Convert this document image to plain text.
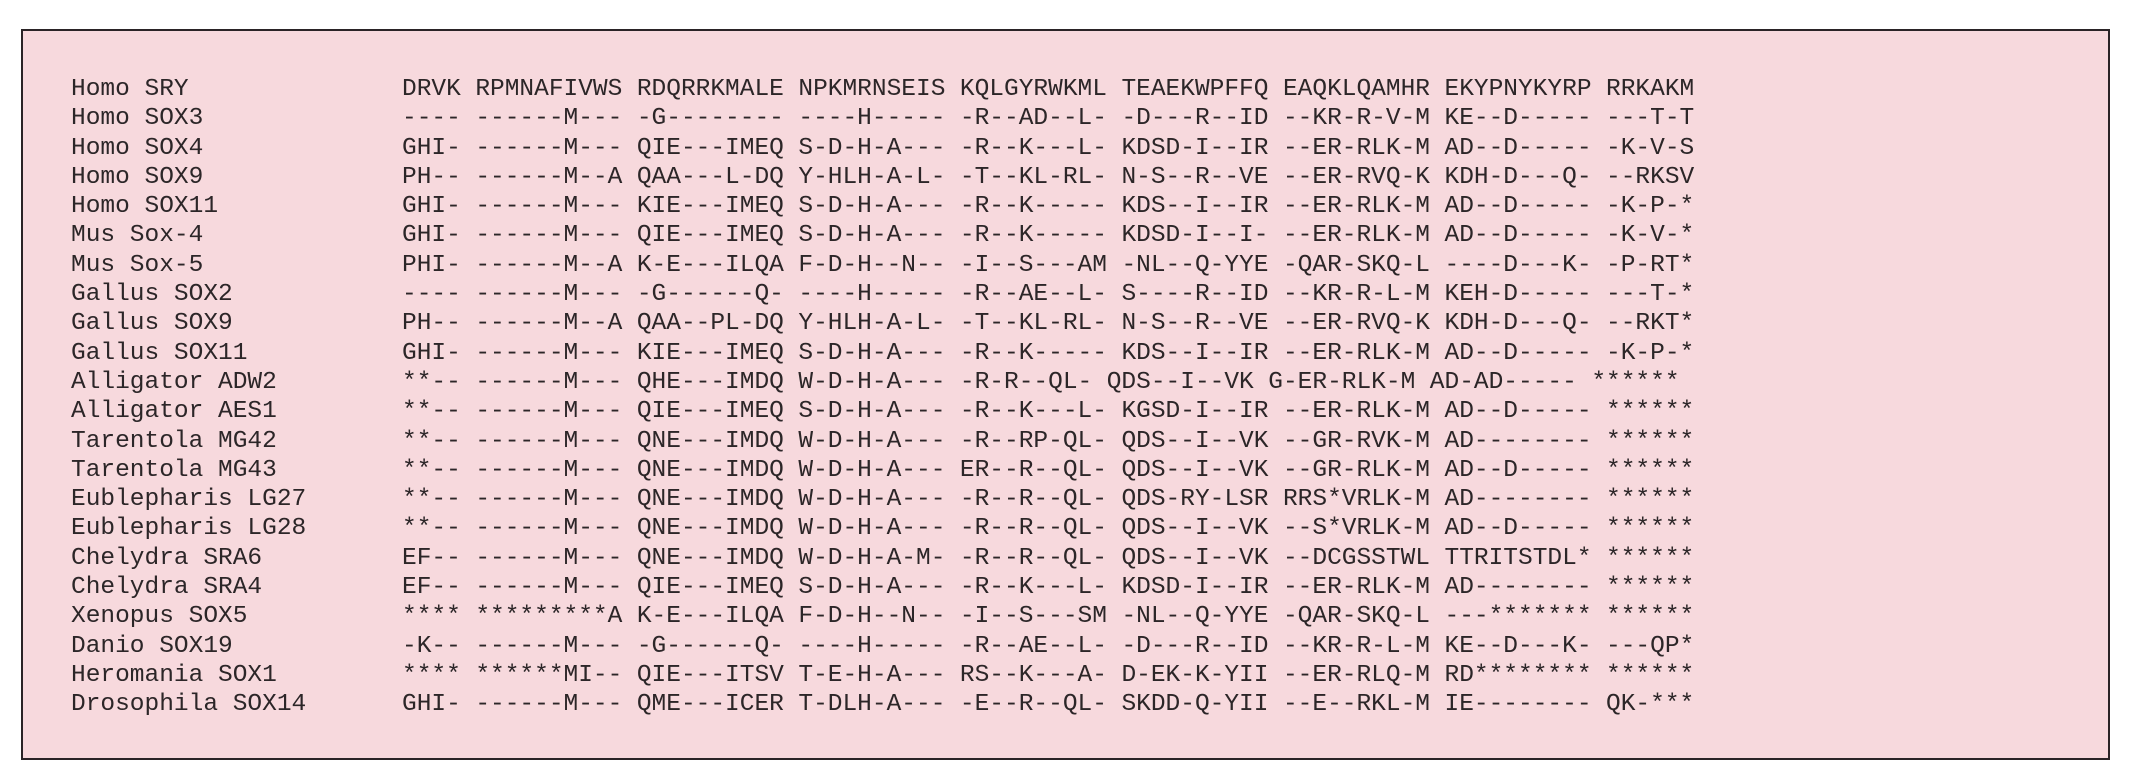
Homo SRY	DRVK RPMNAFIVWS RDQRRKMALE NPKMRNSEIS KQLGYRWKML TEAEKWPFFQ EAQKLQAMHR EKYPNYKYRP RRKAKM
Homo SOX3	---- ------M--- -G-------- ----H----- -R--AD--L- -D---R--ID --KR-R-V-M KE--D----- ---T-T
Homo SOX4	GHI- ------M--- QIE---IMEQ S-D-H-A--- -R--K---L- KDSD-I--IR --ER-RLK-M AD--D----- -K-V-S
Homo SOX9	PH-- ------M--A QAA---L-DQ Y-HLH-A-L- -T--KL-RL- N-S--R--VE --ER-RVQ-K KDH-D---Q- --RKSV
Homo SOX11	GHI- ------M--- KIE---IMEQ S-D-H-A--- -R--K----- KDS--I--IR --ER-RLK-M AD--D----- -K-P-*
Mus Sox-4	GHI- ------M--- QIE---IMEQ S-D-H-A--- -R--K----- KDSD-I--I- --ER-RLK-M AD--D----- -K-V-*
Mus Sox-5	PHI- ------M--A K-E---ILQA F-D-H--N-- -I--S---AM -NL--Q-YYE -QAR-SKQ-L ----D---K- -P-RT*
Gallus SOX2	---- ------M--- -G------Q- ----H----- -R--AE--L- S----R--ID --KR-R-L-M KEH-D----- ---T-*
Gallus SOX9	PH-- ------M--A QAA--PL-DQ Y-HLH-A-L- -T--KL-RL- N-S--R--VE --ER-RVQ-K KDH-D---Q- --RKT*
Gallus SOX11	GHI- ------M--- KIE---IMEQ S-D-H-A--- -R--K----- KDS--I--IR --ER-RLK-M AD--D----- -K-P-*
Alligator ADW2	**-- ------M--- QHE---IMDQ W-D-H-A--- -R-R--QL- QDS--I--VK G-ER-RLK-M AD-AD----- ******
Alligator AES1	**-- ------M--- QIE---IMEQ S-D-H-A--- -R--K---L- KGSD-I--IR --ER-RLK-M AD--D----- ******
Tarentola MG42	**-- ------M--- QNE---IMDQ W-D-H-A--- -R--RP-QL- QDS--I--VK --GR-RVK-M AD-------- ******
Tarentola MG43	**-- ------M--- QNE---IMDQ W-D-H-A--- ER--R--QL- QDS--I--VK --GR-RLK-M AD--D----- ******
Eublepharis LG27	**-- ------M--- QNE---IMDQ W-D-H-A--- -R--R--QL- QDS-RY-LSR RRS*VRLK-M AD-------- ******
Eublepharis LG28	**-- ------M--- QNE---IMDQ W-D-H-A--- -R--R--QL- QDS--I--VK --S*VRLK-M AD--D----- ******
Chelydra SRA6	EF-- ------M--- QNE---IMDQ W-D-H-A-M- -R--R--QL- QDS--I--VK --DCGSSTWL TTRITSTDL* ******
Chelydra SRA4	EF-- ------M--- QIE---IMEQ S-D-H-A--- -R--K---L- KDSD-I--IR --ER-RLK-M AD-------- ******
Xenopus SOX5	**** *********A K-E---ILQA F-D-H--N-- -I--S---SM -NL--Q-YYE -QAR-SKQ-L ---******* ******
Danio SOX19	-K-- ------M--- -G------Q- ----H----- -R--AE--L- -D---R--ID --KR-R-L-M KE--D---K- ---QP*
Heromania SOX1	**** ******MI-- QIE---ITSV T-E-H-A--- RS--K---A- D-EK-K-YII --ER-RLQ-M RD******** ******
Drosophila SOX14	GHI- ------M--- QME---ICER T-DLH-A--- -E--R--QL- SKDD-Q-YII --E--RKL-M IE-------- QK-***
